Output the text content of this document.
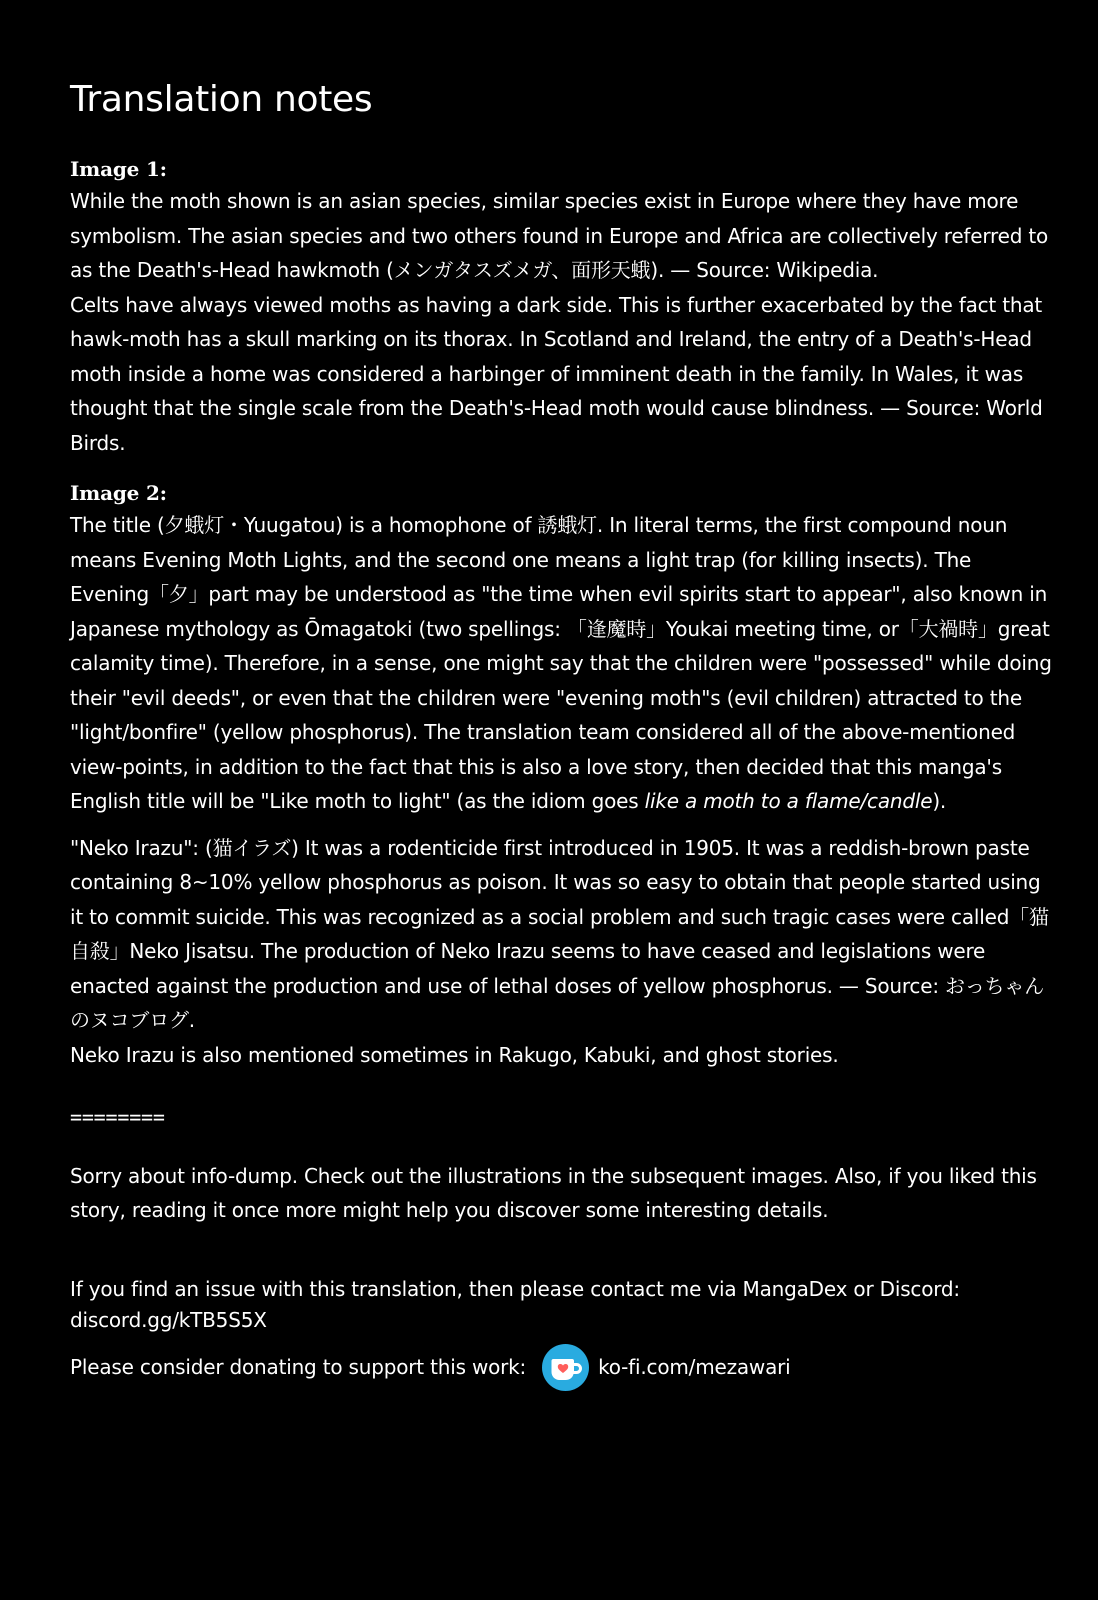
Translation notes

Image 1:

While the moth shown is an asian species, similar species exist in Europe where they have more symbolism. The asian species and two others found in Europe and Africa are collectively referred to as the Death's-Head hawkmoth (メンガタスズメガ、面形天蛾). — Source: Wikipedia.

Celts have always viewed moths as having a dark side. This is further exacerbated by the fact that hawk-moth has a skull marking on its thorax. In Scotland and Ireland, the entry of a Death's-Head moth inside a home was considered a harbinger of imminent death in the family. In Wales, it was thought that the single scale from the Death's-Head moth would cause blindness. — Source: World Birds.

Image 2:

The title (夕蛾灯・Yuugatou) is a homophone of 誘蛾灯. In literal terms, the first compound noun means Evening Moth Lights, and the second one means a light trap (for killing insects). The Evening「夕」part may be understood as "the time when evil spirits start to appear", also known in Japanese mythology as Ōmagatoki (two spellings: 「逢魔時」Youkai meeting time, or「大禍時」great calamity time). Therefore, in a sense, one might say that the children were "possessed" while doing their "evil deeds", or even that the children were "evening moth"s (evil children) attracted to the "light/bonfire" (yellow phosphorus). The translation team considered all of the above-mentioned view-points, in addition to the fact that this is also a love story, then decided that this manga's English title will be "Like moth to light" (as the idiom goes like a moth to a flame/candle).

"Neko Irazu": (猫イラズ) It was a rodenticide first introduced in 1905. It was a reddish-brown paste containing 8~10% yellow phosphorus as poison. It was so easy to obtain that people started using it to commit suicide. This was recognized as a social problem and such tragic cases were called「猫自殺」Neko Jisatsu. The production of Neko Irazu seems to have ceased and legislations were enacted against the production and use of lethal doses of yellow phosphorus. — Source: おっちゃんのヌコブログ.

Neko Irazu is also mentioned sometimes in Rakugo, Kabuki, and ghost stories.

========

Sorry about info-dump. Check out the illustrations in the subsequent images. Also, if you liked this story, reading it once more might help you discover some interesting details.

If you find an issue with this translation, then please contact me via MangaDex or Discord: discord.gg/kTB5S5X

Please consider donating to support this work:	ko-fi.com/mezawari
